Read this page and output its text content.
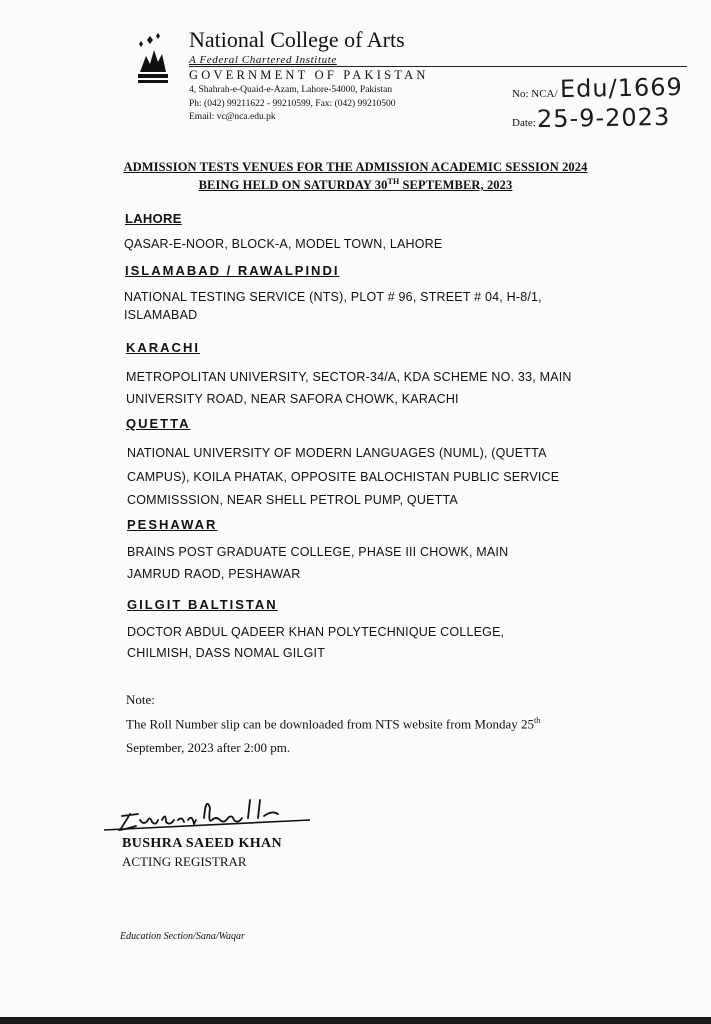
National College of Arts
A Federal Chartered Institute
GOVERNMENT OF PAKISTAN
4, Shahrah-e-Quaid-e-Azam, Lahore-54000, Pakistan
Ph: (042) 99211622 - 99210599, Fax: (042) 99210500
Email: vc@nca.edu.pk
No: NCA/ Edu/1669
Date: 25-9-2023
ADMISSION TESTS VENUES FOR THE ADMISSION ACADEMIC SESSION 2024
BEING HELD ON SATURDAY 30TH SEPTEMBER, 2023
LAHORE
QASAR-E-NOOR, BLOCK-A, MODEL TOWN, LAHORE
ISLAMABAD / RAWALPINDI
NATIONAL TESTING SERVICE (NTS), PLOT # 96, STREET # 04, H-8/1,
ISLAMABAD
KARACHI
METROPOLITAN UNIVERSITY, SECTOR-34/A, KDA SCHEME NO. 33, MAIN
UNIVERSITY ROAD, NEAR SAFORA CHOWK, KARACHI
QUETTA
NATIONAL UNIVERSITY OF MODERN LANGUAGES (NUML), (QUETTA
CAMPUS), KOILA PHATAK, OPPOSITE BALOCHISTAN PUBLIC SERVICE
COMMISSSION, NEAR SHELL PETROL PUMP, QUETTA
PESHAWAR
BRAINS POST GRADUATE COLLEGE, PHASE III CHOWK, MAIN
JAMRUD RAOD, PESHAWAR
GILGIT BALTISTAN
DOCTOR ABDUL QADEER KHAN POLYTECHNIQUE COLLEGE,
CHILMISH, DASS NOMAL GILGIT
Note:
The Roll Number slip can be downloaded from NTS website from Monday 25th
September, 2023 after 2:00 pm.
BUSHRA SAEED KHAN
ACTING REGISTRAR
Education Section/Sana/Waqar
